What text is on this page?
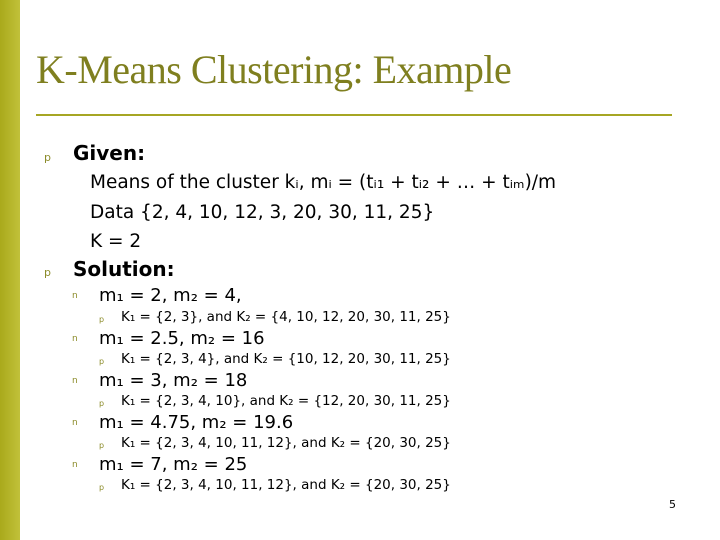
K-Means Clustering: Example
p Given:
Means of the cluster kᵢ, mᵢ = (tᵢ₁ + tᵢ₂ + … + tᵢₘ)/m
Data {2, 4, 10, 12, 3, 20, 30, 11, 25}
K = 2
p Solution:
n m₁ = 2, m₂ = 4,
p K₁ = {2, 3}, and K₂ = {4, 10, 12, 20, 30, 11, 25}
n m₁ = 2.5, m₂ = 16
p K₁ = {2, 3, 4}, and K₂ = {10, 12, 20, 30, 11, 25}
n m₁ = 3, m₂ = 18
p K₁ = {2, 3, 4, 10}, and K₂ = {12, 20, 30, 11, 25}
n m₁ = 4.75, m₂ = 19.6
p K₁ = {2, 3, 4, 10, 11, 12}, and K₂ = {20, 30, 25}
n m₁ = 7, m₂ = 25
p K₁ = {2, 3, 4, 10, 11, 12}, and K₂ = {20, 30, 25}
5
